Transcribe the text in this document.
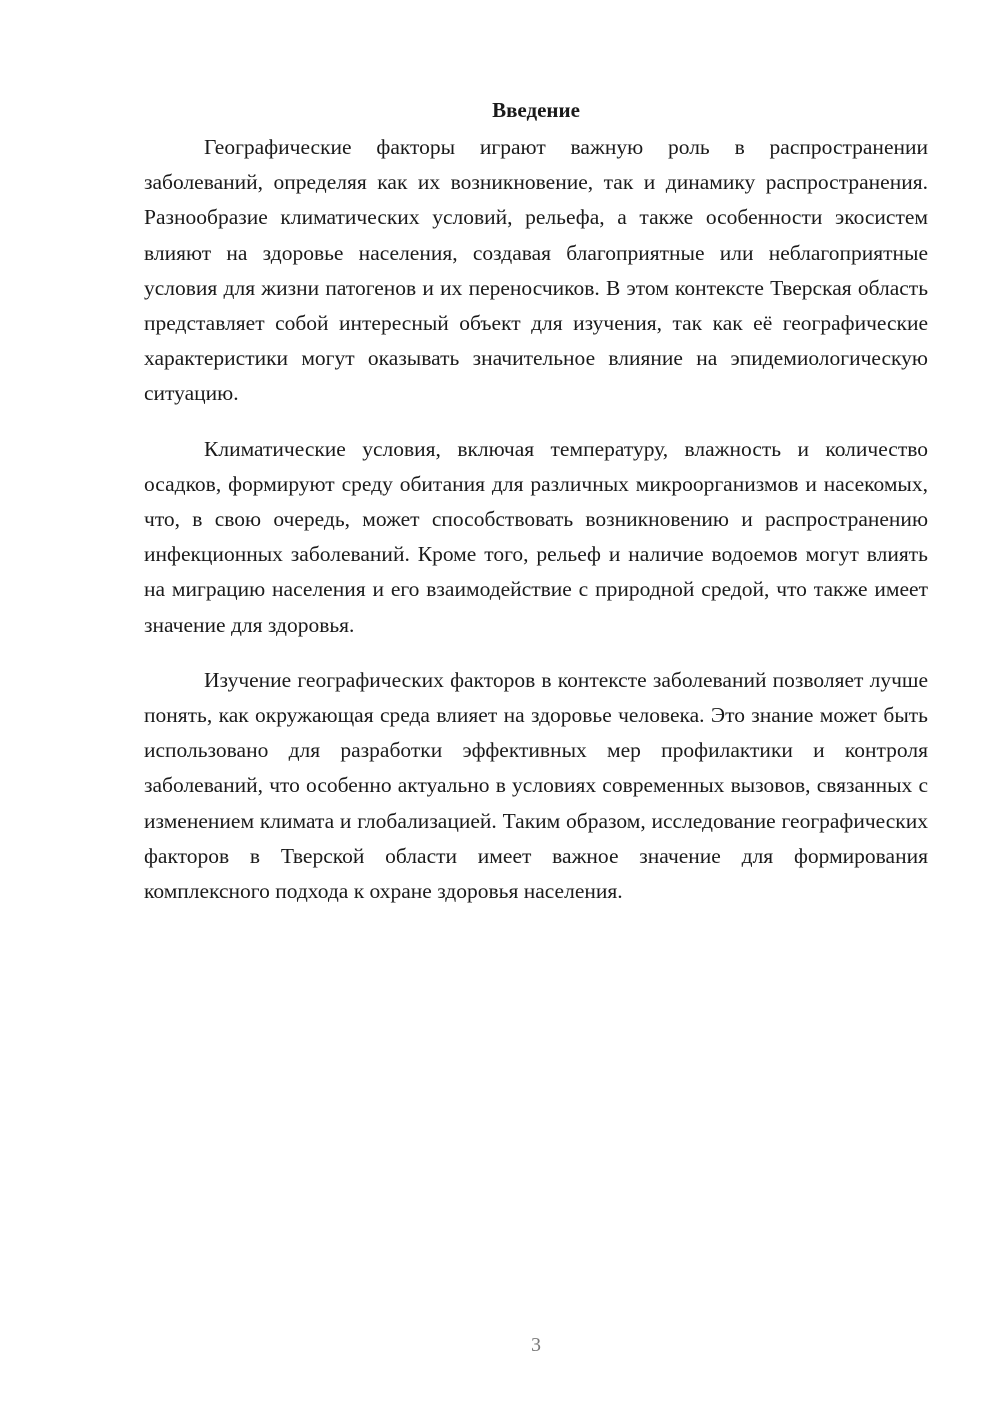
Введение

Географические факторы играют важную роль в распространении заболеваний, определяя как их возникновение, так и динамику распространения. Разнообразие климатических условий, рельефа, а также особенности экосистем влияют на здоровье населения, создавая благоприятные или неблагоприятные условия для жизни патогенов и их переносчиков. В этом контексте Тверская область представляет собой интересный объект для изучения, так как её географические характеристики могут оказывать значительное влияние на эпидемиологическую ситуацию.

Климатические условия, включая температуру, влажность и количество осадков, формируют среду обитания для различных микроорганизмов и насекомых, что, в свою очередь, может способствовать возникновению и распространению инфекционных заболеваний. Кроме того, рельеф и наличие водоемов могут влиять на миграцию населения и его взаимодействие с природной средой, что также имеет значение для здоровья.

Изучение географических факторов в контексте заболеваний позволяет лучше понять, как окружающая среда влияет на здоровье человека. Это знание может быть использовано для разработки эффективных мер профилактики и контроля заболеваний, что особенно актуально в условиях современных вызовов, связанных с изменением климата и глобализацией. Таким образом, исследование географических факторов в Тверской области имеет важное значение для формирования комплексного подхода к охране здоровья населения.

3
